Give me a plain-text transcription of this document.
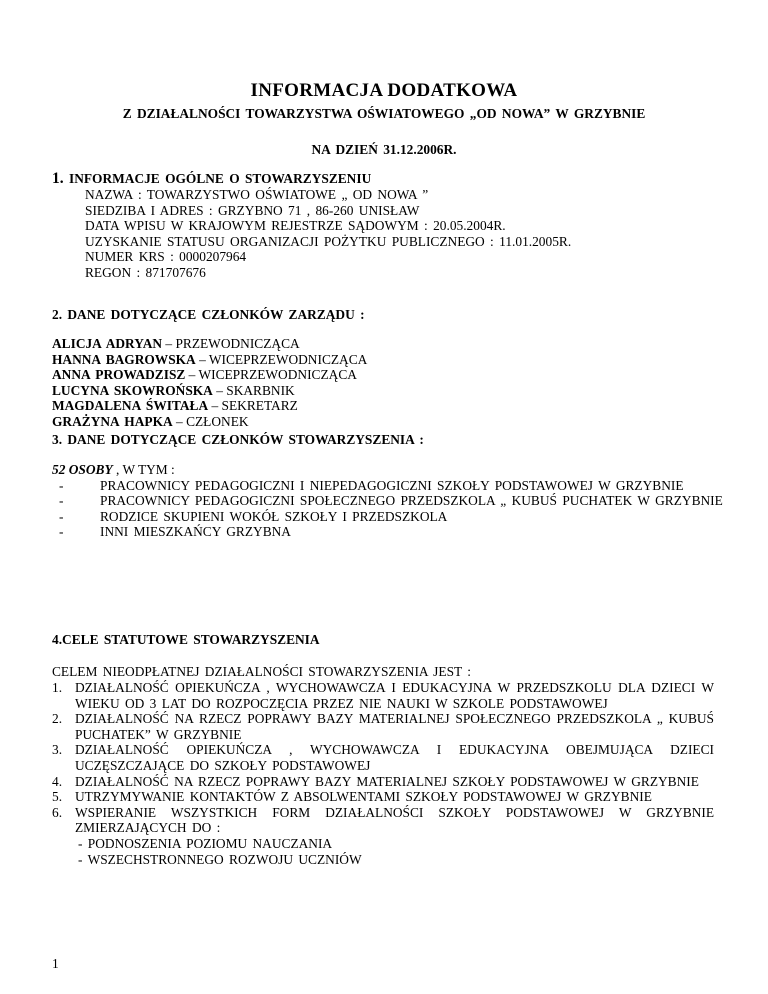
INFORMACJA DODATKOWA
Z DZIAŁALNOŚCI TOWARZYSTWA OŚWIATOWEGO „OD NOWA” W GRZYBNIE
NA DZIEŃ 31.12.2006R.
1. INFORMACJE OGÓLNE O STOWARZYSZENIU
NAZWA : TOWARZYSTWO OŚWIATOWE „ OD NOWA ”
SIEDZIBA I ADRES : GRZYBNO 71 , 86-260 UNISŁAW
DATA WPISU W KRAJOWYM REJESTRZE SĄDOWYM : 20.05.2004R.
UZYSKANIE STATUSU ORGANIZACJI POŻYTKU PUBLICZNEGO : 11.01.2005R.
NUMER KRS : 0000207964
REGON : 871707676
2. DANE DOTYCZĄCE CZŁONKÓW ZARZĄDU :
ALICJA ADRYAN – PRZEWODNICZĄCA
HANNA BAGROWSKA – WICEPRZEWODNICZĄCA
ANNA PROWADZISZ – WICEPRZEWODNICZĄCA
LUCYNA SKOWROŃSKA – SKARBNIK
MAGDALENA ŚWITAŁA – SEKRETARZ
GRAŻYNA HAPKA – CZŁONEK
3. DANE DOTYCZĄCE CZŁONKÓW STOWARZYSZENIA :
52 OSOBY , W TYM :
-	PRACOWNICY PEDAGOGICZNI I NIEPEDAGOGICZNI SZKOŁY PODSTAWOWEJ W GRZYBNIE
-	PRACOWNICY PEDAGOGICZNI SPOŁECZNEGO PRZEDSZKOLA „ KUBUŚ PUCHATEK W GRZYBNIE
-	RODZICE SKUPIENI WOKÓŁ SZKOŁY I PRZEDSZKOLA
-	INNI MIESZKAŃCY GRZYBNA
4.CELE STATUTOWE STOWARZYSZENIA
CELEM NIEODPŁATNEJ DZIAŁALNOŚCI STOWARZYSZENIA JEST :
1. DZIAŁALNOŚĆ OPIEKUŃCZA , WYCHOWAWCZA I EDUKACYJNA W PRZEDSZKOLU DLA DZIECI W WIEKU OD 3 LAT DO ROZPOCZĘCIA PRZEZ NIE NAUKI W SZKOLE PODSTAWOWEJ
2. DZIAŁALNOŚĆ NA RZECZ POPRAWY BAZY MATERIALNEJ SPOŁECZNEGO PRZEDSZKOLA „ KUBUŚ PUCHATEK” W GRZYBNIE
3. DZIAŁALNOŚĆ OPIEKUŃCZA , WYCHOWAWCZA I EDUKACYJNA OBEJMUJĄCA DZIECI UCZĘSZCZAJĄCE DO SZKOŁY PODSTAWOWEJ
4. DZIAŁALNOŚĆ NA RZECZ POPRAWY BAZY MATERIALNEJ SZKOŁY PODSTAWOWEJ W GRZYBNIE
5. UTRZYMYWANIE KONTAKTÓW Z ABSOLWENTAMI SZKOŁY PODSTAWOWEJ W GRZYBNIE
6. WSPIERANIE WSZYSTKICH FORM DZIAŁALNOŚCI SZKOŁY PODSTAWOWEJ W GRZYBNIE ZMIERZAJĄCYCH DO :
- PODNOSZENIA POZIOMU NAUCZANIA
- WSZECHSTRONNEGO ROZWOJU UCZNIÓW
1
